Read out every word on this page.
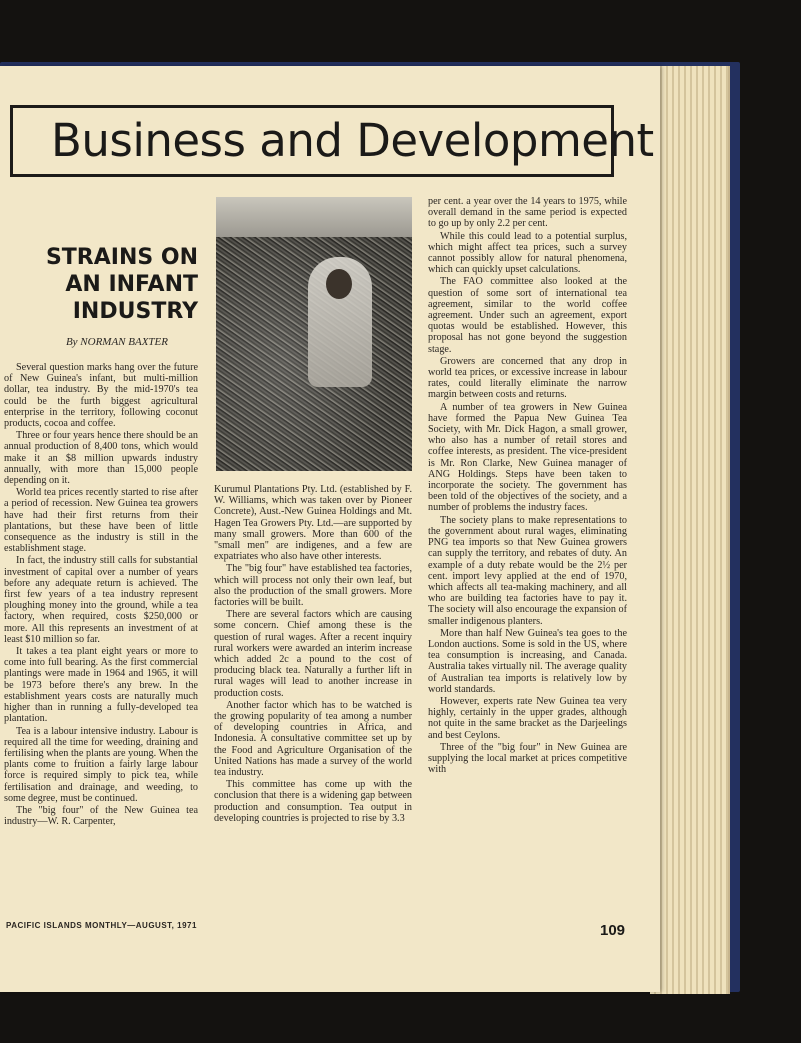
Business and Development
STRAINS ON
AN INFANT
INDUSTRY
By NORMAN BAXTER

Several question marks hang over the future of New Guinea's infant, but multi-million dollar, tea industry. By the mid-1970's tea could be the furth biggest agricultural enterprise in the territory, following coconut products, cocoa and coffee.

Three or four years hence there should be an annual production of 8,400 tons, which would make it an $8 million upwards industry annually, with more than 15,000 people depending on it.

World tea prices recently started to rise after a period of recession. New Guinea tea growers have had their first returns from their plantations, but these have been of little consequence as the industry is still in the establishment stage.

In fact, the industry still calls for substantial investment of capital over a number of years before any adequate return is achieved. The first few years of a tea industry represent ploughing money into the ground, while a tea factory, when required, costs $250,000 or more. All this represents an investment of at least $10 million so far.

It takes a tea plant eight years or more to come into full bearing. As the first commercial plantings were made in 1964 and 1965, it will be 1973 before there's any brew. In the establishment years costs are naturally much higher than in running a fully-developed tea plantation.

Tea is a labour intensive industry. Labour is required all the time for weeding, draining and fertilising when the plants are young. When the plants come to fruition a fairly large labour force is required simply to pick tea, while fertilisation and drainage, and weeding, to some degree, must be continued.

The "big four" of the New Guinea tea industry—W. R. Carpenter,

Kurumul Plantations Pty. Ltd. (established by F. W. Williams, which was taken over by Pioneer Concrete), Aust.-New Guinea Holdings and Mt. Hagen Tea Growers Pty. Ltd.—are supported by many small growers. More than 600 of the "small men" are indigenes, and a few are expatriates who also have other interests.

The "big four" have established tea factories, which will process not only their own leaf, but also the production of the small growers. More factories will be built.

There are several factors which are causing some concern. Chief among these is the question of rural wages. After a recent inquiry rural workers were awarded an interim increase which added 2c a pound to the cost of producing black tea. Naturally a further lift in rural wages will lead to another increase in production costs.

Another factor which has to be watched is the growing popularity of tea among a number of developing countries in Africa, and Indonesia. A consultative committee set up by the Food and Agriculture Organisation of the United Nations has made a survey of the world tea industry.

This committee has come up with the conclusion that there is a widening gap between production and consumption. Tea output in developing countries is projected to rise by 3.3

per cent. a year over the 14 years to 1975, while overall demand in the same period is expected to go up by only 2.2 per cent.

While this could lead to a potential surplus, which might affect tea prices, such a survey cannot possibly allow for natural phenomena, which can quickly upset calculations.

The FAO committee also looked at the question of some sort of international tea agreement, similar to the world coffee agreement. Under such an agreement, export quotas would be established. However, this proposal has not gone beyond the suggestion stage.

Growers are concerned that any drop in world tea prices, or excessive increase in labour rates, could literally eliminate the narrow margin between costs and returns.

A number of tea growers in New Guinea have formed the Papua New Guinea Tea Society, with Mr. Dick Hagon, a small grower, who also has a number of retail stores and coffee interests, as president. The vice-president is Mr. Ron Clarke, New Guinea manager of ANG Holdings. Steps have been taken to incorporate the society. The government has been told of the objectives of the society, and a number of problems the industry faces.

The society plans to make representations to the government about rural wages, eliminating PNG tea imports so that New Guinea growers can supply the territory, and rebates of duty. An example of a duty rebate would be the 2½ per cent. import levy applied at the end of 1970, which affects all tea-making machinery, and all who are building tea factories have to pay it. The society will also encourage the expansion of smaller indigenous planters.

More than half New Guinea's tea goes to the London auctions. Some is sold in the US, where tea consumption is increasing, and Canada. Australia takes virtually nil. The average quality of Australian tea imports is relatively low by world standards.

However, experts rate New Guinea tea very highly, certainly in the upper grades, although not quite in the same bracket as the Darjeelings and best Ceylons.

Three of the "big four" in New Guinea are supplying the local market at prices competitive with

PACIFIC ISLANDS MONTHLY—AUGUST, 1971	109
